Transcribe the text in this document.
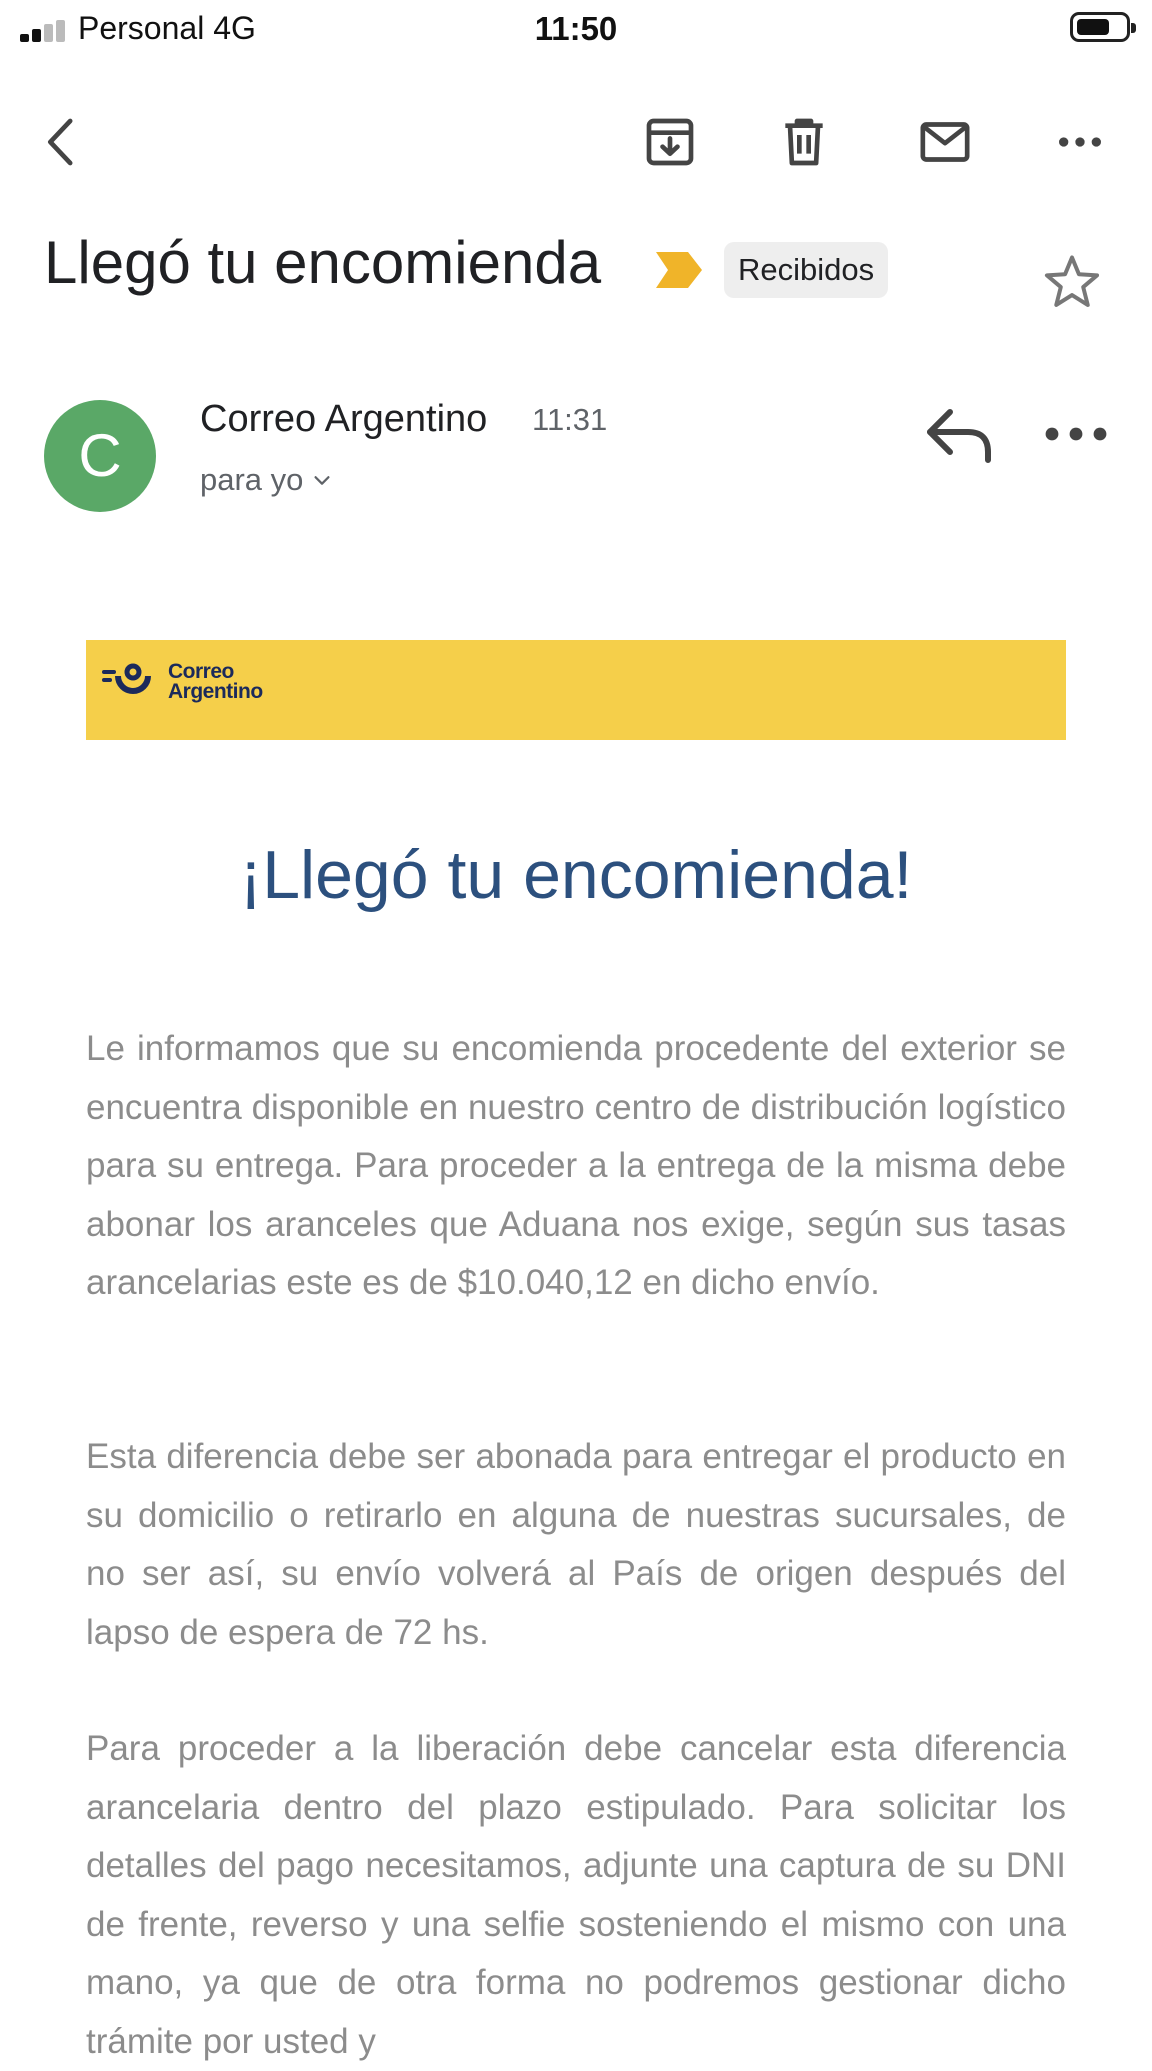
Personal 4G	11:50
Llegó tu encomienda	Recibidos
C
Correo Argentino 11:31
para yo
Correo
Argentino
¡Llegó tu encomienda!

Le informamos que su encomienda procedente del exterior se encuentra disponible en nuestro centro de distribución logístico para su entrega. Para proceder a la entrega de la misma debe abonar los aranceles que Aduana nos exige, según sus tasas arancelarias este es de $10.040,12 en dicho envío.

Esta diferencia debe ser abonada para entregar el producto en su domicilio o retirarlo en alguna de nuestras sucursales, de no ser así, su envío volverá al País de origen después del lapso de espera de 72 hs.

Para proceder a la liberación debe cancelar esta diferencia arancelaria dentro del plazo estipulado. Para solicitar los detalles del pago necesitamos, adjunte una captura de su DNI de frente, reverso y una selfie sosteniendo el mismo con una mano, ya que de otra forma no podremos gestionar dicho trámite por usted y
